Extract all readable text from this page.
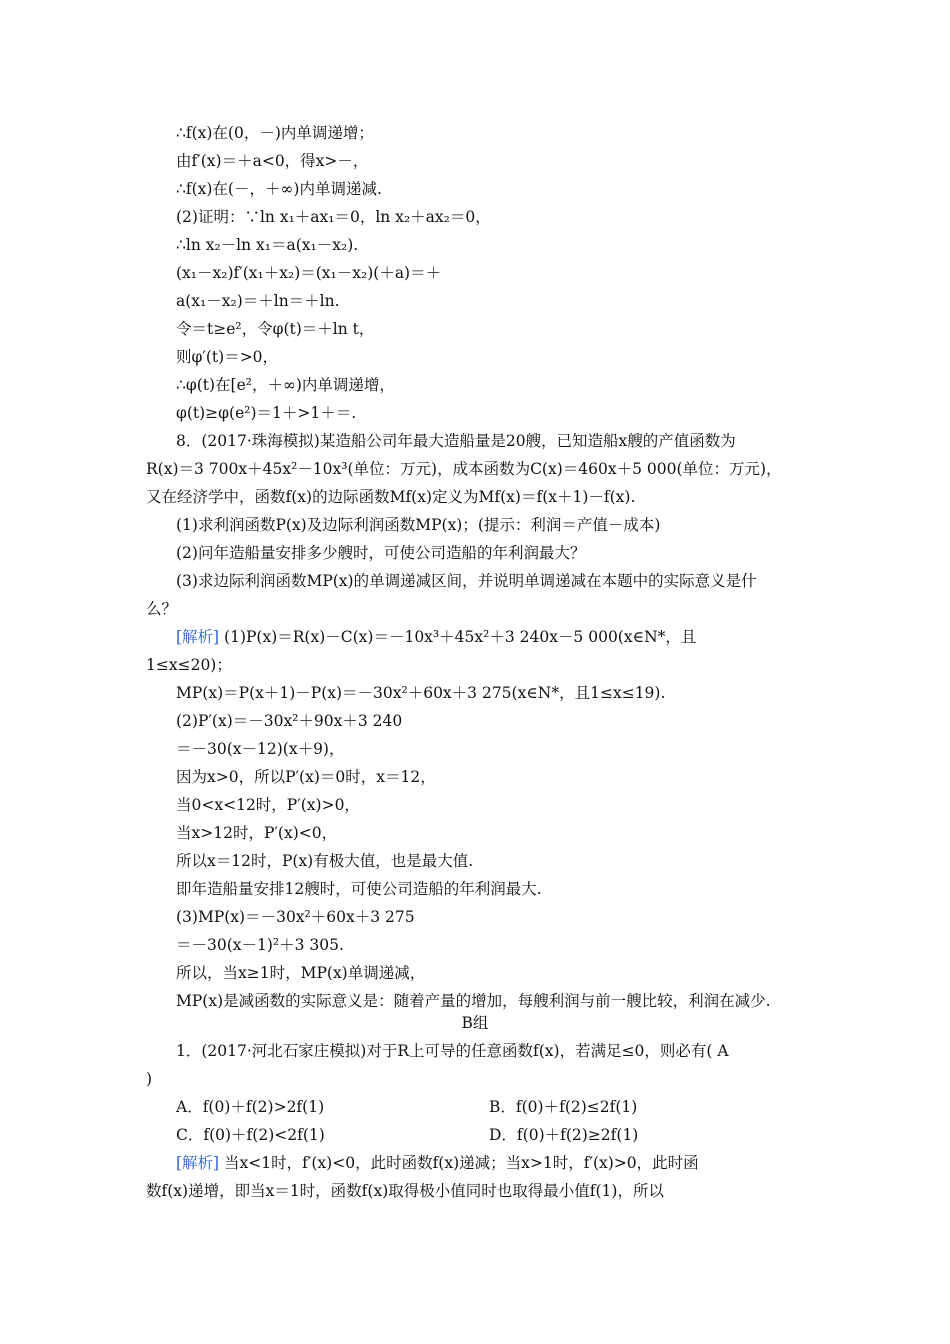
∴f(x)在(0，－)内单调递增；
由f′(x)＝＋a<0，得x>－，
∴f(x)在(－，＋∞)内单调递减.
(2)证明：∵ln x₁＋ax₁＝0，ln x₂＋ax₂＝0，
∴ln x₂－ln x₁＝a(x₁－x₂).
(x₁－x₂)f′(x₁＋x₂)＝(x₁－x₂)(＋a)＝＋
a(x₁－x₂)＝＋ln＝＋ln.
令＝t≥e²，令φ(t)＝＋ln t，
则φ′(t)＝>0，
∴φ(t)在[e²，＋∞)内单调递增，
φ(t)≥φ(e²)＝1＋>1＋＝.
8．(2017·珠海模拟)某造船公司年最大造船量是20艘，已知造船x艘的产值函数为
R(x)＝3 700x＋45x²－10x³(单位：万元)，成本函数为C(x)＝460x＋5 000(单位：万元)，
又在经济学中，函数f(x)的边际函数Mf(x)定义为Mf(x)＝f(x＋1)－f(x).
(1)求利润函数P(x)及边际利润函数MP(x)；(提示：利润＝产值－成本)
(2)问年造船量安排多少艘时，可使公司造船的年利润最大？
(3)求边际利润函数MP(x)的单调递减区间，并说明单调递减在本题中的实际意义是什
么？
[解析] (1)P(x)＝R(x)－C(x)＝－10x³＋45x²＋3 240x－5 000(x∈N*，且
1≤x≤20)；
MP(x)＝P(x＋1)－P(x)＝－30x²＋60x＋3 275(x∈N*，且1≤x≤19).
(2)P′(x)＝－30x²＋90x＋3 240
＝－30(x－12)(x＋9)，
因为x>0，所以P′(x)＝0时，x＝12，
当0<x<12时，P′(x)>0，
当x>12时，P′(x)<0，
所以x＝12时，P(x)有极大值，也是最大值.
即年造船量安排12艘时，可使公司造船的年利润最大.
(3)MP(x)＝－30x²＋60x＋3 275
＝－30(x－1)²＋3 305.
所以，当x≥1时，MP(x)单调递减，
MP(x)是减函数的实际意义是：随着产量的增加，每艘利润与前一艘比较，利润在减少.
B组
1．(2017·河北石家庄模拟)对于R上可导的任意函数f(x)，若满足≤0，则必有( A
)
A．f(0)＋f(2)>2f(1)	B．f(0)＋f(2)≤2f(1)
C．f(0)＋f(2)<2f(1)	D．f(0)＋f(2)≥2f(1)
[解析] 当x<1时，f′(x)<0，此时函数f(x)递减；当x>1时，f′(x)>0，此时函
数f(x)递增，即当x＝1时，函数f(x)取得极小值同时也取得最小值f(1)，所以
